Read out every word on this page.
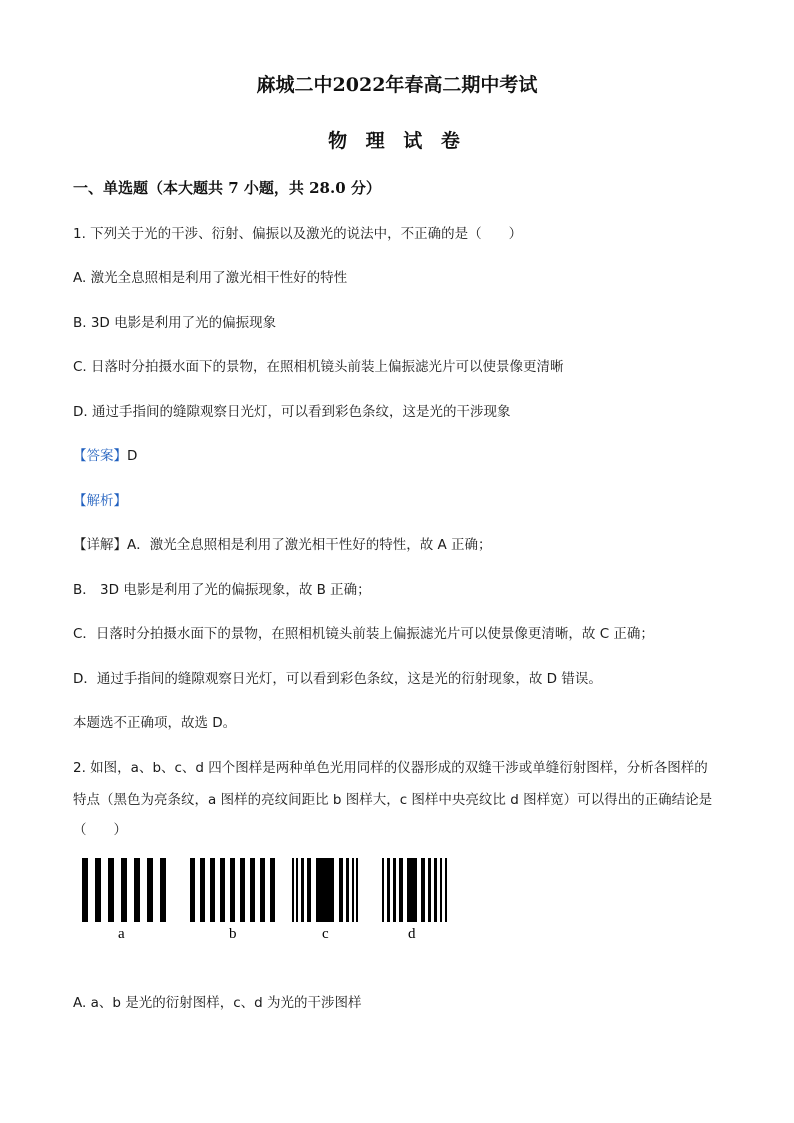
麻城二中2022年春高二期中考试
物 理 试 卷
一、单选题（本大题共 7 小题，共 28.0 分）
1. 下列关于光的干涉、衍射、偏振以及激光的说法中，不正确的是（　　）
A. 激光全息照相是利用了激光相干性好的特性
B. 3D 电影是利用了光的偏振现象
C. 日落时分拍摄水面下的景物，在照相机镜头前装上偏振滤光片可以使景像更清晰
D. 通过手指间的缝隙观察日光灯，可以看到彩色条纹，这是光的干涉现象
【答案】D
【解析】
【详解】A．激光全息照相是利用了激光相干性好的特性，故 A 正确；
B． 3D 电影是利用了光的偏振现象，故 B 正确；
C．日落时分拍摄水面下的景物，在照相机镜头前装上偏振滤光片可以使景像更清晰，故 C 正确；
D．通过手指间的缝隙观察日光灯，可以看到彩色条纹，这是光的衍射现象，故 D 错误。
本题选不正确项，故选 D。
2. 如图，a、b、c、d 四个图样是两种单色光用同样的仪器形成的双缝干涉或单缝衍射图样，分析各图样的
特点（黑色为亮条纹，a 图样的亮纹间距比 b 图样大，c 图样中央亮纹比 d 图样宽）可以得出的正确结论是
（　　）
a	b	c	d
A. a、b 是光的衍射图样，c、d 为光的干涉图样
